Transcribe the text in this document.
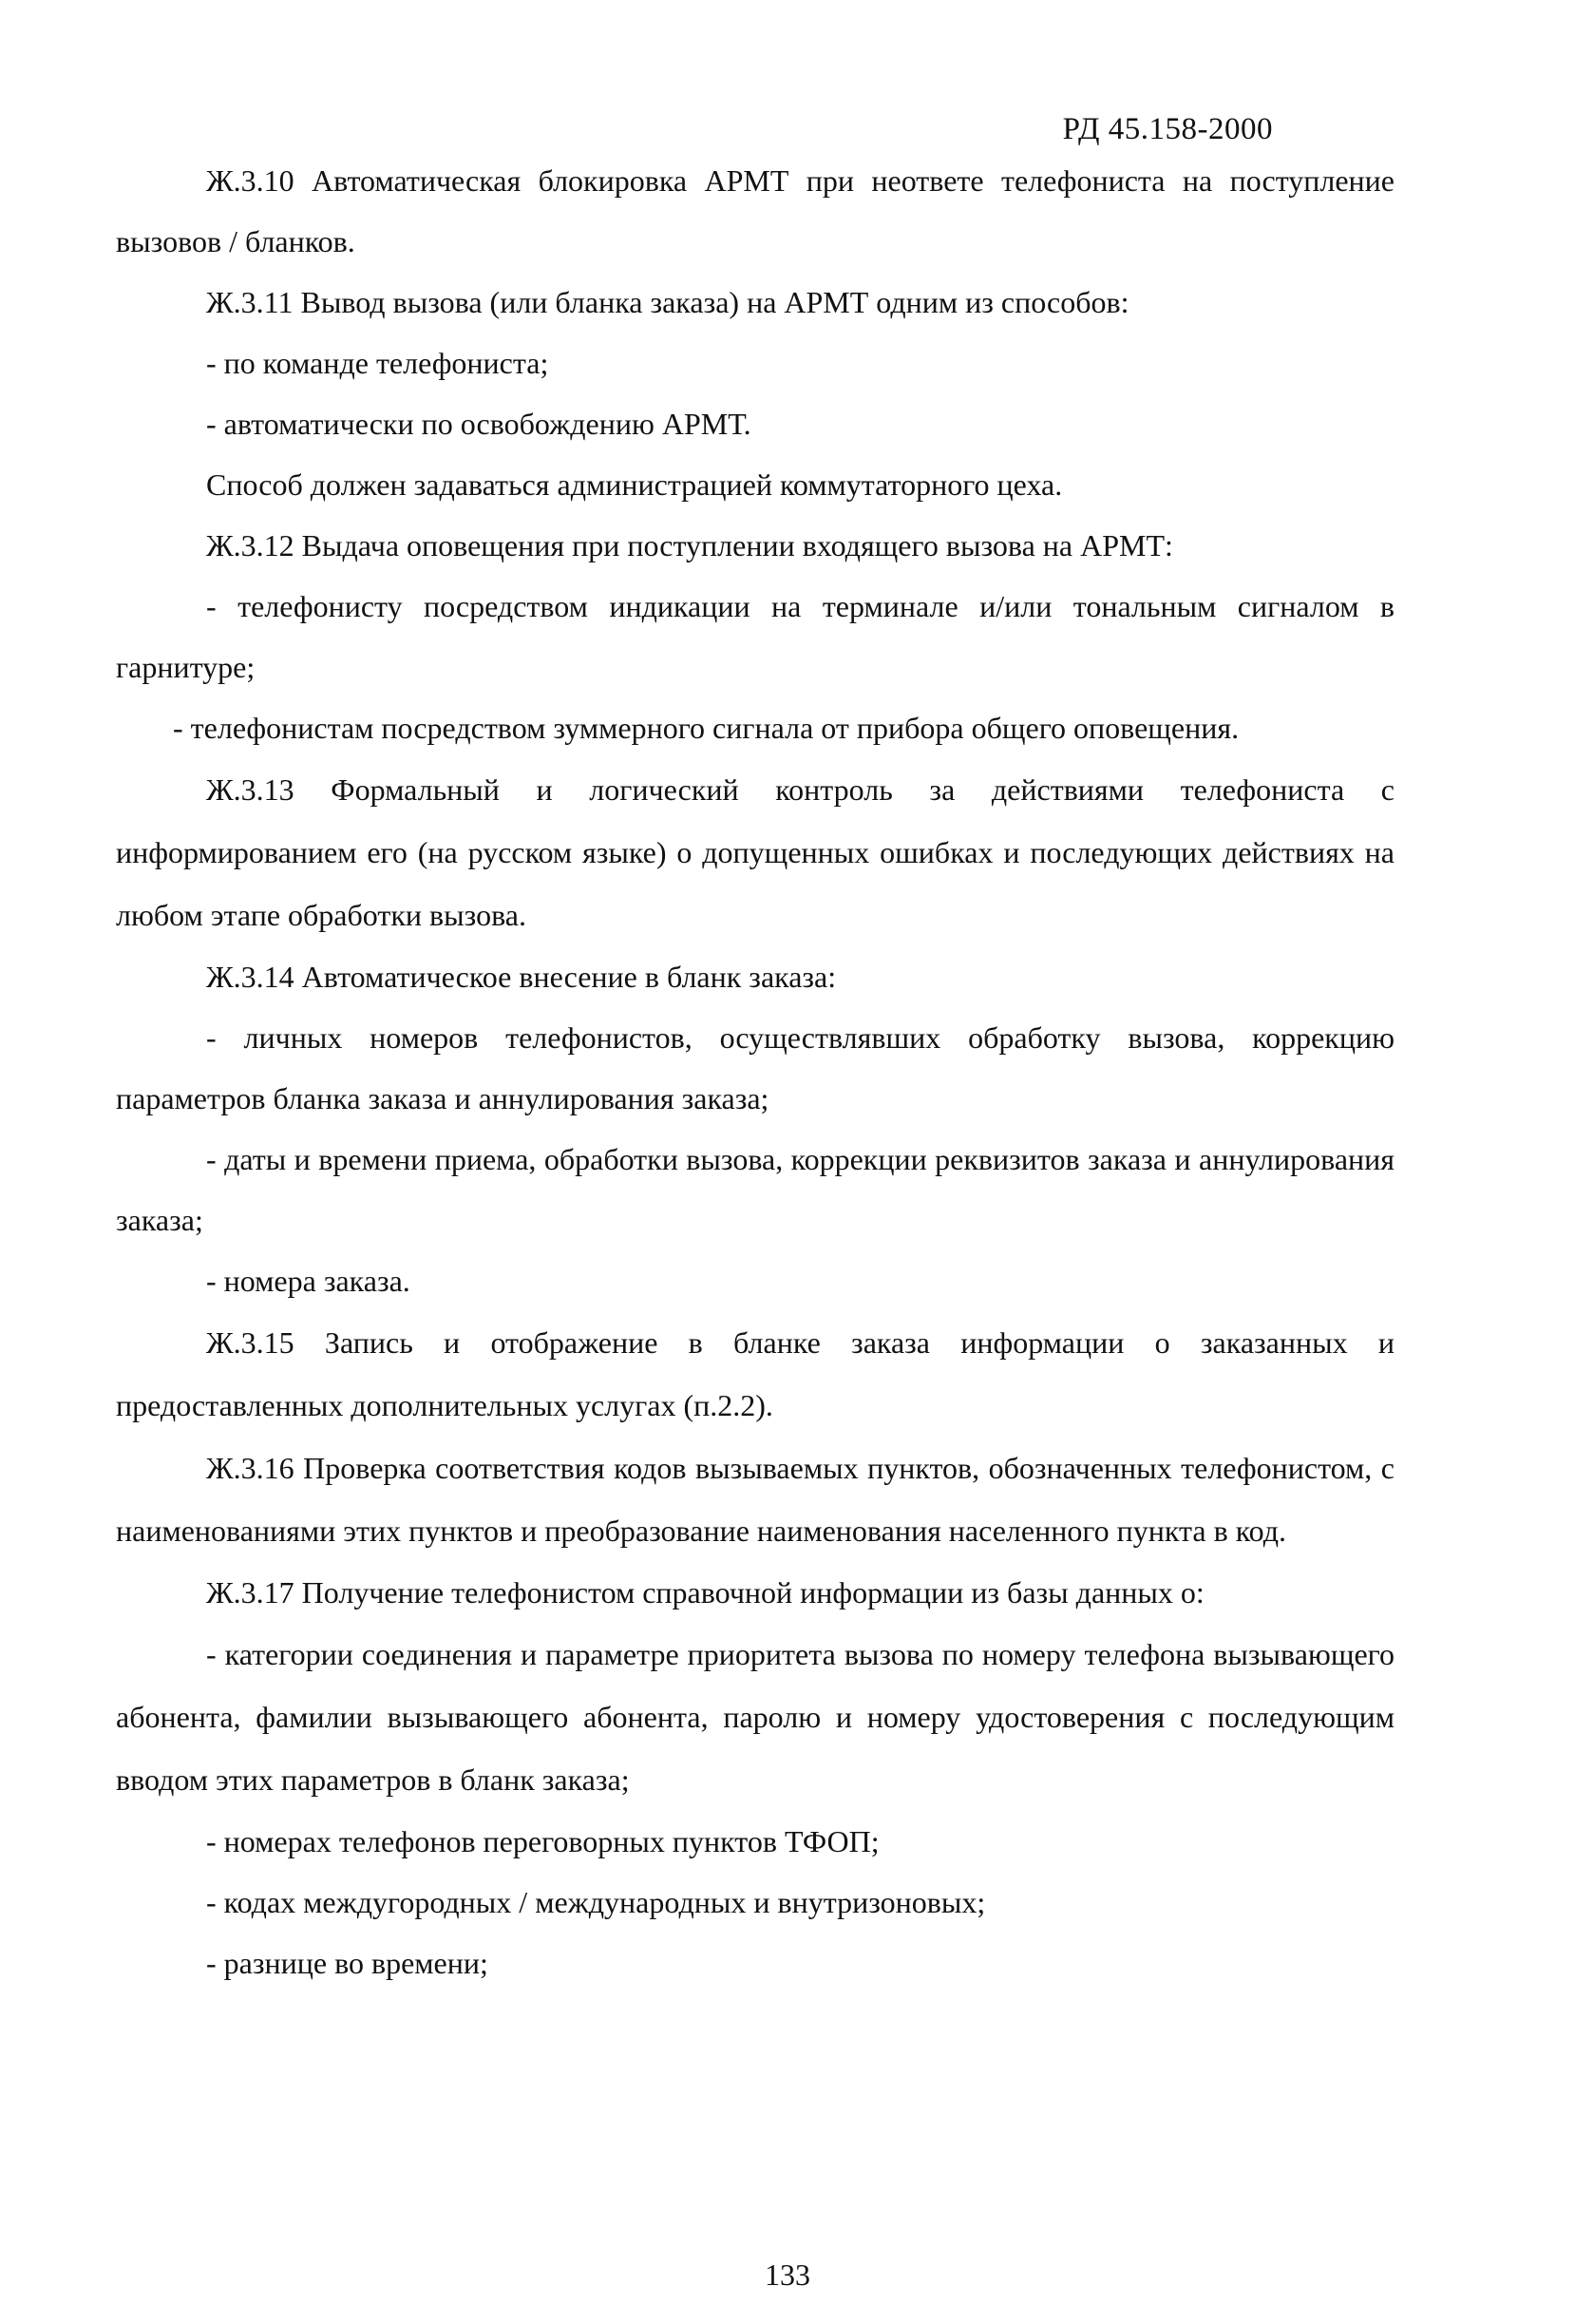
РД 45.158-2000

Ж.3.10 Автоматическая блокировка АРМТ при неответе телефониста на поступление вызовов / бланков.

Ж.3.11 Вывод вызова (или бланка заказа) на АРМТ одним из способов:

- по команде телефониста;

- автоматически по освобождению АРМТ.

Способ должен задаваться администрацией коммутаторного цеха.

Ж.3.12 Выдача оповещения при поступлении входящего вызова на АРМТ:

- телефонисту посредством индикации на терминале и/или тональным сигналом в гарнитуре;

- телефонистам посредством зуммерного сигнала от прибора общего оповещения.

Ж.3.13 Формальный и логический контроль за действиями телефониста с информированием его (на русском языке) о допущенных ошибках и последующих действиях на любом этапе обработки вызова.

Ж.3.14 Автоматическое внесение в бланк заказа:

- личных номеров телефонистов, осуществлявших обработку вызова, коррекцию параметров бланка заказа и аннулирования заказа;

- даты и времени приема, обработки вызова, коррекции реквизитов заказа и аннулирования заказа;

- номера заказа.

Ж.3.15 Запись и отображение в бланке заказа информации о заказанных и предоставленных дополнительных услугах (п.2.2).

Ж.3.16 Проверка соответствия кодов вызываемых пунктов, обозначенных телефонистом, с наименованиями этих пунктов и преобразование наименования населенного пункта в код.

Ж.3.17 Получение телефонистом справочной информации из базы данных о:

- категории соединения и параметре приоритета вызова по номеру телефона вызывающего абонента, фамилии вызывающего абонента, паролю и номеру удостоверения с последующим вводом этих параметров в бланк заказа;

- номерах телефонов переговорных пунктов ТФОП;

- кодах междугородных / международных и внутризоновых;

- разнице во времени;

133
